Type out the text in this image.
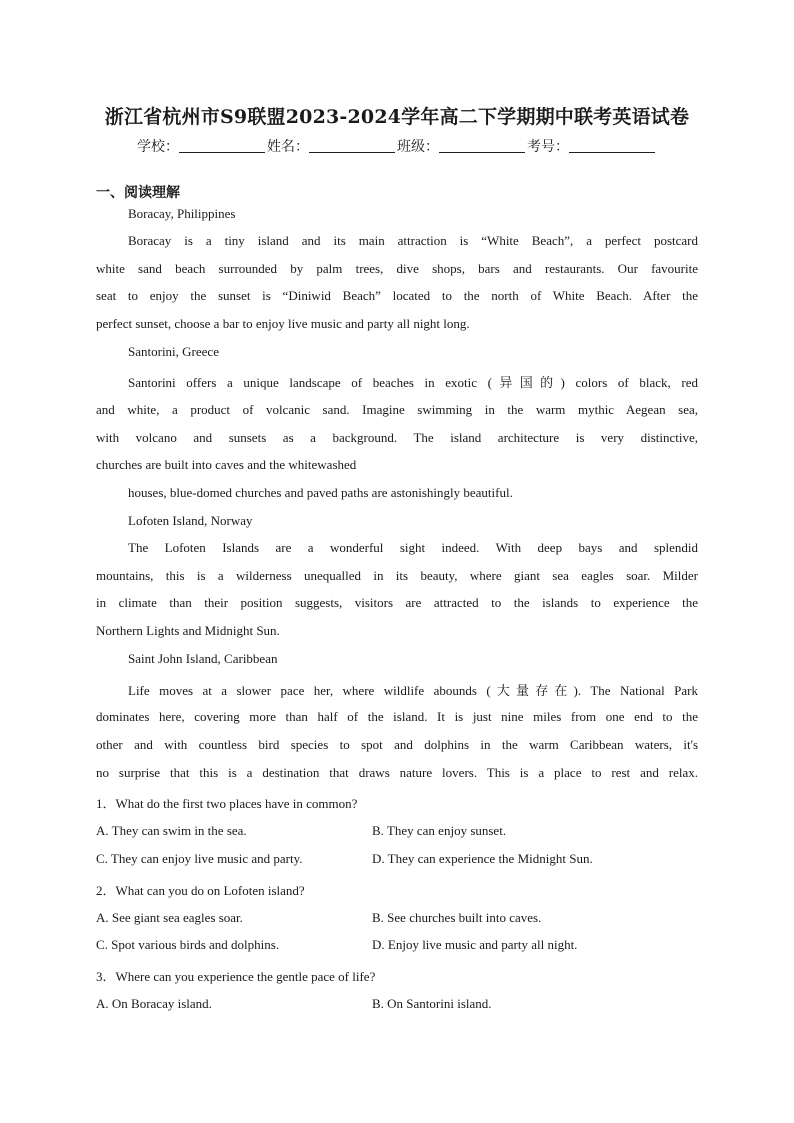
浙江省杭州市S9联盟2023-2024学年高二下学期期中联考英语试卷
学校：	姓名：	班级：	考号：
一、阅读理解
Boracay, Philippines
Boracay is a tiny island and its main attraction is “White Beach”, a perfect postcard
white sand beach surrounded by palm trees, dive shops, bars and restaurants. Our favourite
seat to enjoy the sunset is “Diniwid Beach” located to the north of White Beach. After the
perfect sunset, choose a bar to enjoy live music and party all night long.
Santorini, Greece
Santorini offers a unique landscape of beaches in exotic (异国的) colors of black, red
and white, a product of volcanic sand. Imagine swimming in the warm mythic Aegean sea,
with volcano and sunsets as a background. The island architecture is very distinctive,
churches are built into caves and the whitewashed
houses, blue-domed churches and paved paths are astonishingly beautiful.
Lofoten Island, Norway
The Lofoten Islands are a wonderful sight indeed. With deep bays and splendid
mountains, this is a wilderness unequalled in its beauty, where giant sea eagles soar. Milder
in climate than their position suggests, visitors are attracted to the islands to experience the
Northern Lights and Midnight Sun.
Saint John Island, Caribbean
Life moves at a slower pace her, where wildlife abounds (大量存在). The National Park
dominates here, covering more than half of the island. It is just nine miles from one end to the
other and with countless bird species to spot and dolphins in the warm Caribbean waters, it's
no surprise that this is a destination that draws nature lovers. This is a place to rest and relax.
1．What do the first two places have in common?
A. They can swim in the sea.	B. They can enjoy sunset.
C. They can enjoy live music and party.	D. They can experience the Midnight Sun.
2．What can you do on Lofoten island?
A. See giant sea eagles soar.	B. See churches built into caves.
C. Spot various birds and dolphins.	D. Enjoy live music and party all night.
3．Where can you experience the gentle pace of life?
A. On Boracay island.	B. On Santorini island.
